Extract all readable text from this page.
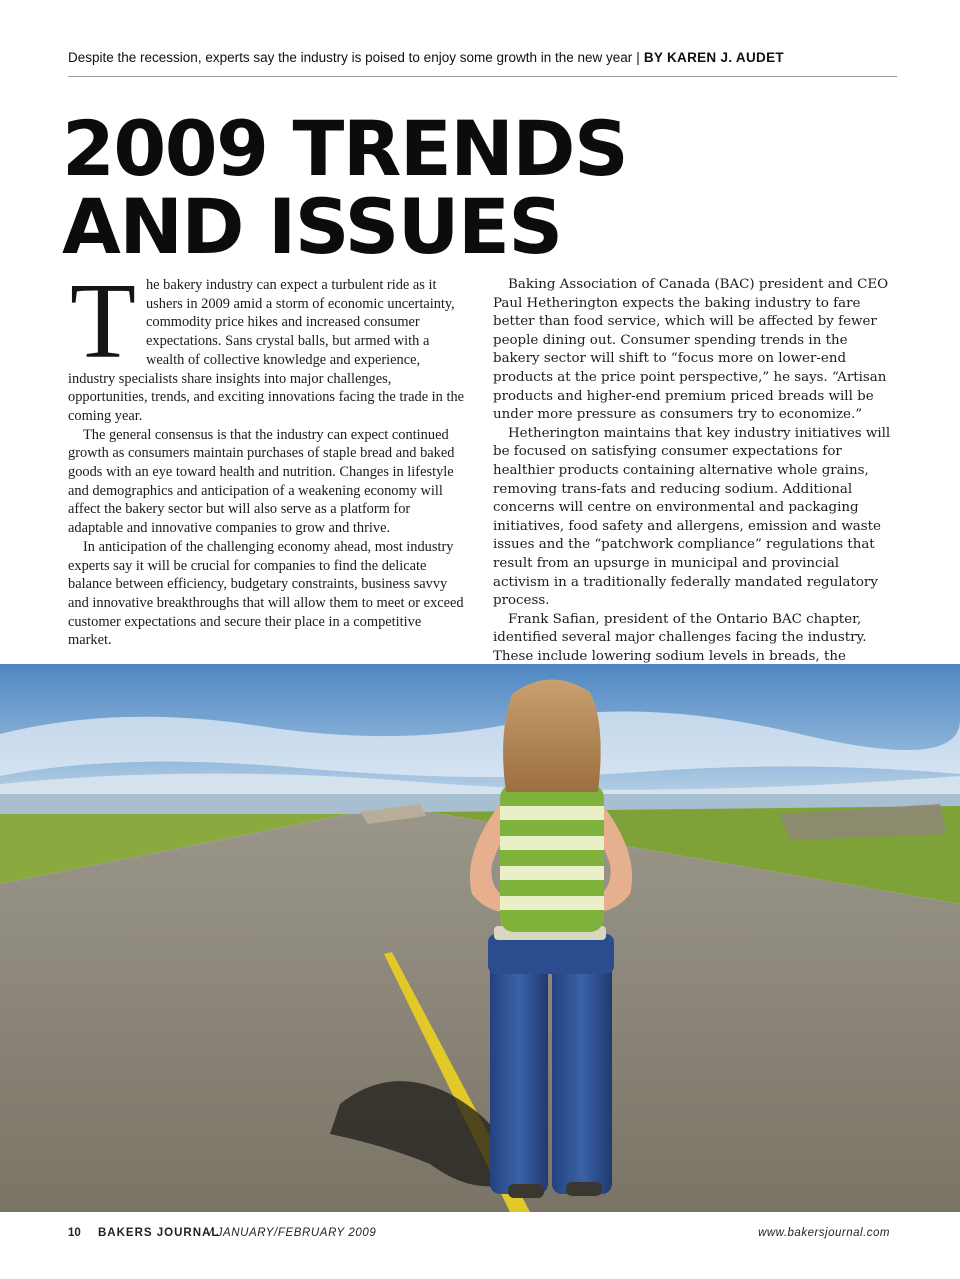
Despite the recession, experts say the industry is poised to enjoy some growth in the new year | BY KAREN J. AUDET
2009 TRENDS
AND ISSUES

The bakery industry can expect a turbulent ride as it ushers in 2009 amid a storm of economic uncertainty, commodity price hikes and increased consumer expectations. Sans crystal balls, but armed with a wealth of collective knowledge and experience, industry specialists share insights into major challenges, opportunities, trends, and exciting innovations facing the trade in the coming year.

The general consensus is that the industry can expect continued growth as consumers maintain purchases of staple bread and baked goods with an eye toward health and nutrition. Changes in lifestyle and demographics and anticipation of a weakening economy will affect the bakery sector but will also serve as a platform for adaptable and innovative companies to grow and thrive.

In anticipation of the challenging economy ahead, most industry experts say it will be crucial for companies to find the delicate balance between efficiency, budgetary constraints, business savvy and innovative breakthroughs that will allow them to meet or exceed customer expectations and secure their place in a competitive market.

Baking Association of Canada (BAC) president and CEO Paul Hetherington expects the baking industry to fare better than food service, which will be affected by fewer people dining out. Consumer spending trends in the bakery sector will shift to “focus more on lower-end products at the price point perspective,” he says. “Artisan products and higher-end premium priced breads will be under more pressure as consumers try to economize.”

Hetherington maintains that key industry initiatives will be focused on satisfying consumer expectations for healthier products containing alternative whole grains, removing trans-fats and reducing sodium. Additional concerns will centre on environmental and packaging initiatives, food safety and allergens, emission and waste issues and the “patchwork compliance” regulations that result from an upsurge in municipal and provincial activism in a traditionally federally mandated regulatory process.

Frank Safian, president of the Ontario BAC chapter, identified several major challenges facing the industry. These include lowering sodium levels in breads, the

10 BAKERS JOURNAL
/ JANUARY/FEBRUARY 2009	www.bakersjournal.com
